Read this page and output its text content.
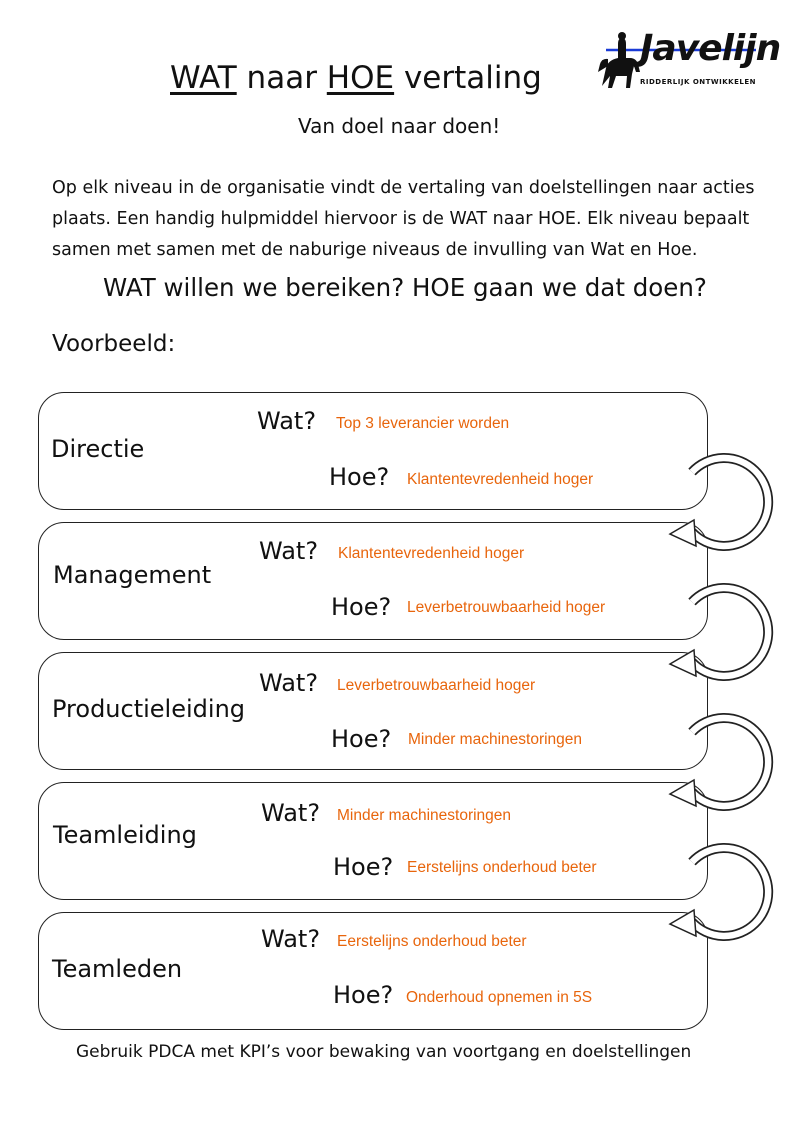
Javelijn
RIDDERLIJK ONTWIKKELEN
WAT naar HOE vertaling
Van doel naar doen!
Op elk niveau in de organisatie vindt de vertaling van doelstellingen naar acties
plaats. Een handig hulpmiddel hiervoor is de WAT naar HOE. Elk niveau bepaalt
samen met samen met de naburige niveaus de invulling van Wat en Hoe.
WAT willen we bereiken? HOE gaan we dat doen?
Voorbeeld:
Directie
Wat? Top 3 leverancier worden
Hoe? Klantentevredenheid hoger
Management
Wat? Klantentevredenheid hoger
Hoe? Leverbetrouwbaarheid hoger
Productieleiding
Wat? Leverbetrouwbaarheid hoger
Hoe? Minder machinestoringen
Teamleiding
Wat? Minder machinestoringen
Hoe? Eerstelijns onderhoud beter
Teamleden
Wat? Eerstelijns onderhoud beter
Hoe? Onderhoud opnemen in 5S
Gebruik PDCA met KPI’s voor bewaking van voortgang en doelstellingen
